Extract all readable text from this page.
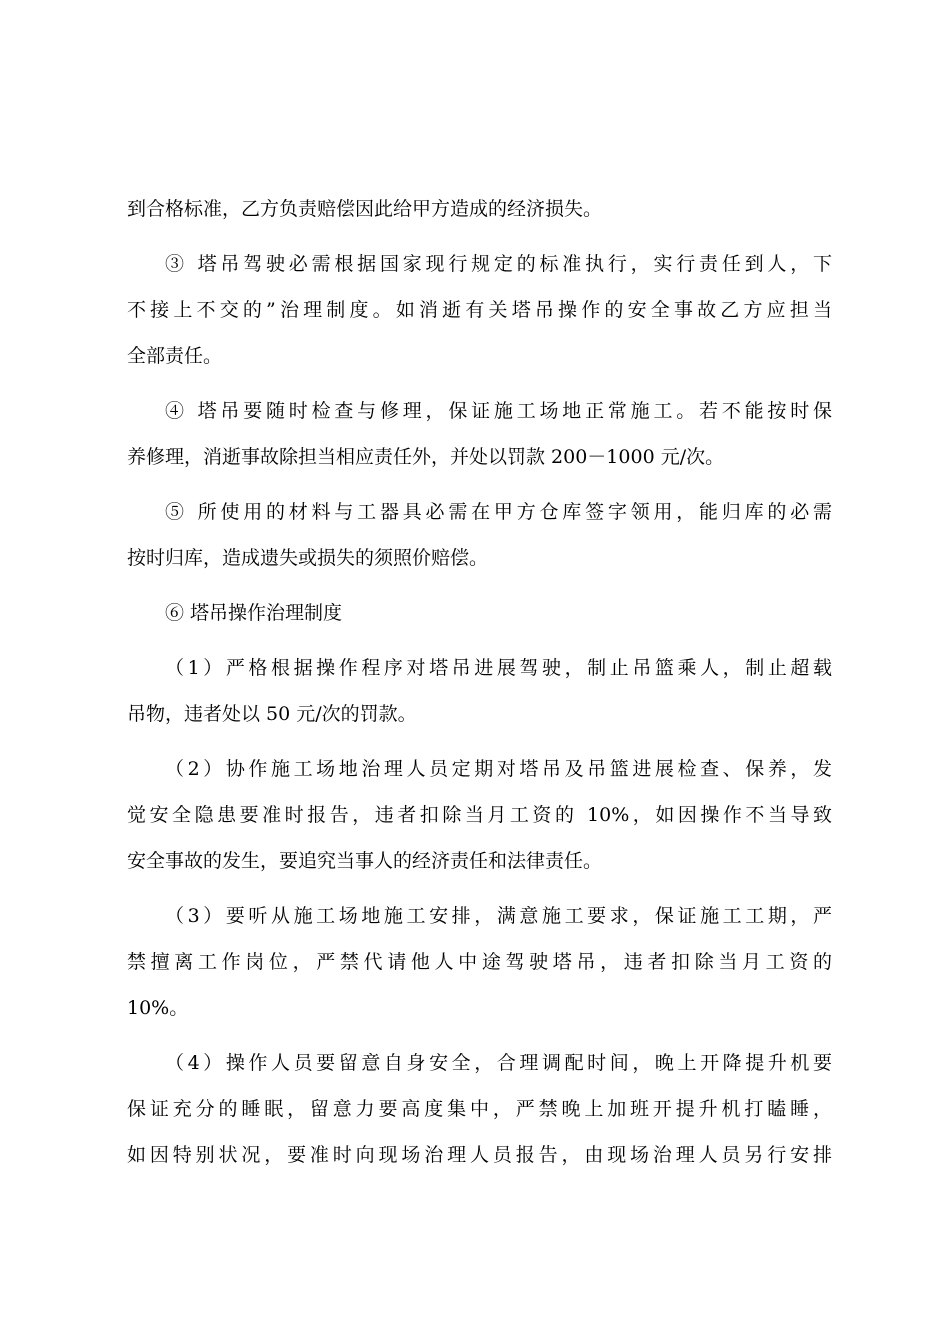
到合格标准，乙方负责赔偿因此给甲方造成的经济损失。
③ 塔吊驾驶必需根据国家现行规定的标准执行，实行责任到人，下
不接上不交的”治理制度。如消逝有关塔吊操作的安全事故乙方应担当
全部责任。
④ 塔吊要随时检查与修理，保证施工场地正常施工。若不能按时保
养修理，消逝事故除担当相应责任外，并处以罚款 200－1000 元/次。
⑤ 所使用的材料与工器具必需在甲方仓库签字领用，能归库的必需
按时归库，造成遗失或损失的须照价赔偿。
⑥ 塔吊操作治理制度
（1）严格根据操作程序对塔吊进展驾驶，制止吊篮乘人，制止超载
吊物，违者处以 50 元/次的罚款。
（2）协作施工场地治理人员定期对塔吊及吊篮进展检查、保养，发
觉安全隐患要准时报告，违者扣除当月工资的 10%，如因操作不当导致
安全事故的发生，要追究当事人的经济责任和法律责任。
（3）要听从施工场地施工安排，满意施工要求，保证施工工期，严
禁擅离工作岗位，严禁代请他人中途驾驶塔吊，违者扣除当月工资的
10%。
（4）操作人员要留意自身安全，合理调配时间，晚上开降提升机要
保证充分的睡眠，留意力要高度集中，严禁晚上加班开提升机打瞌睡，
如因特别状况，要准时向现场治理人员报告，由现场治理人员另行安排
